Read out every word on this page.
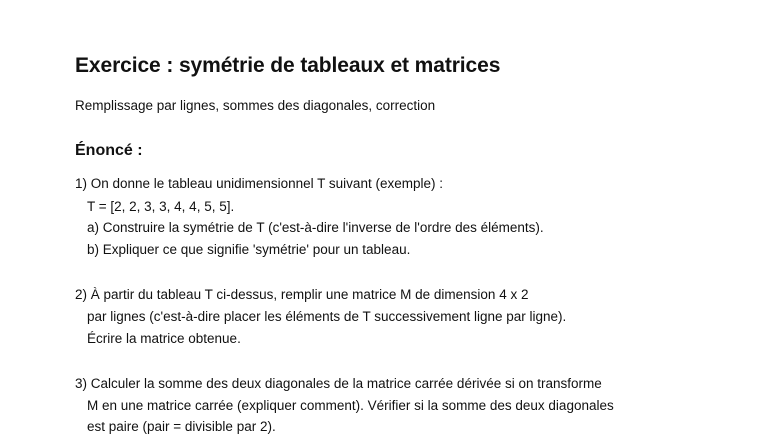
Exercice : symétrie de tableaux et matrices
Remplissage par lignes, sommes des diagonales, correction
Énoncé :
1) On donne le tableau unidimensionnel T suivant (exemple) :
T = [2, 2, 3, 3, 4, 4, 5, 5].
a) Construire la symétrie de T (c'est-à-dire l'inverse de l'ordre des éléments).
b) Expliquer ce que signifie 'symétrie' pour un tableau.
2) À partir du tableau T ci-dessus, remplir une matrice M de dimension 4 x 2
par lignes (c'est-à-dire placer les éléments de T successivement ligne par ligne).
Écrire la matrice obtenue.
3) Calculer la somme des deux diagonales de la matrice carrée dérivée si on transforme
M en une matrice carrée (expliquer comment). Vérifier si la somme des deux diagonales
est paire (pair = divisible par 2).
